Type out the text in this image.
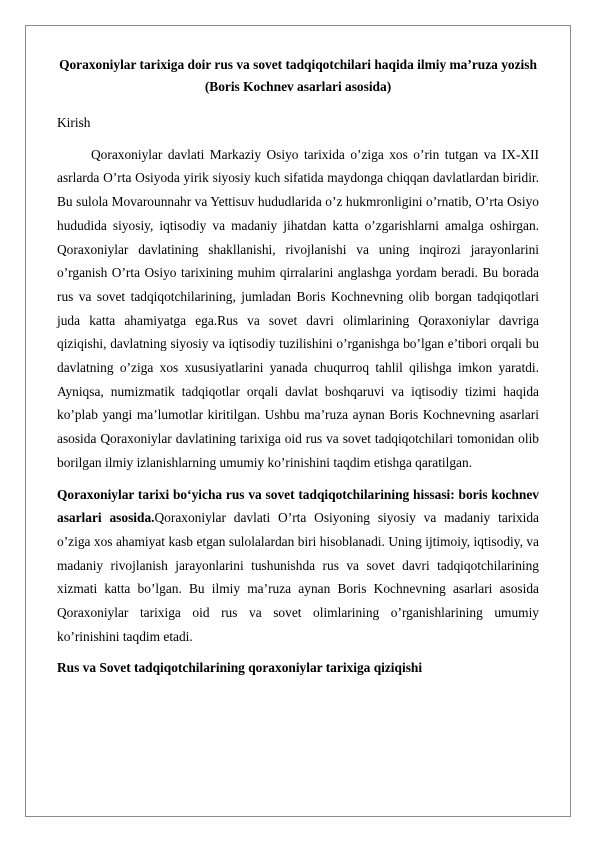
Qoraxoniylar tarixiga doir rus va sovet tadqiqotchilari haqida ilmiy ma’ruza yozish (Boris Kochnev asarlari asosida)

Kirish

Qoraxoniylar davlati Markaziy Osiyo tarixida o’ziga xos o’rin tutgan va IX-XII asrlarda O’rta Osiyoda yirik siyosiy kuch sifatida maydonga chiqqan davlatlardan biridir. Bu sulola Movarounnahr va Yettisuv hududlarida o’z hukmronligini o’rnatib, O’rta Osiyo hududida siyosiy, iqtisodiy va madaniy jihatdan katta o’zgarishlarni amalga oshirgan. Qoraxoniylar davlatining shakllanishi, rivojlanishi va uning inqirozi jarayonlarini o’rganish O’rta Osiyo tarixining muhim qirralarini anglashga yordam beradi. Bu borada rus va sovet tadqiqotchilarining, jumladan Boris Kochnevning olib borgan tadqiqotlari juda katta ahamiyatga ega.Rus va sovet davri olimlarining Qoraxoniylar davriga qiziqishi, davlatning siyosiy va iqtisodiy tuzilishini o’rganishga bo’lgan e’tibori orqali bu davlatning o’ziga xos xususiyatlarini yanada chuqurroq tahlil qilishga imkon yaratdi. Ayniqsa, numizmatik tadqiqotlar orqali davlat boshqaruvi va iqtisodiy tizimi haqida ko’plab yangi ma’lumotlar kiritilgan. Ushbu ma’ruza aynan Boris Kochnevning asarlari asosida Qoraxoniylar davlatining tarixiga oid rus va sovet tadqiqotchilari tomonidan olib borilgan ilmiy izlanishlarning umumiy ko’rinishini taqdim etishga qaratilgan.

Qoraxoniylar tarixi bo‘yicha rus va sovet tadqiqotchilarining hissasi: boris kochnev asarlari asosida.Qoraxoniylar davlati O’rta Osiyoning siyosiy va madaniy tarixida o’ziga xos ahamiyat kasb etgan sulolalardan biri hisoblanadi. Uning ijtimoiy, iqtisodiy, va madaniy rivojlanish jarayonlarini tushunishda rus va sovet davri tadqiqotchilarining xizmati katta bo’lgan. Bu ilmiy ma’ruza aynan Boris Kochnevning asarlari asosida Qoraxoniylar tarixiga oid rus va sovet olimlarining o’rganishlarining umumiy ko’rinishini taqdim etadi.

Rus va Sovet tadqiqotchilarining qoraxoniylar tarixiga qiziqishi
